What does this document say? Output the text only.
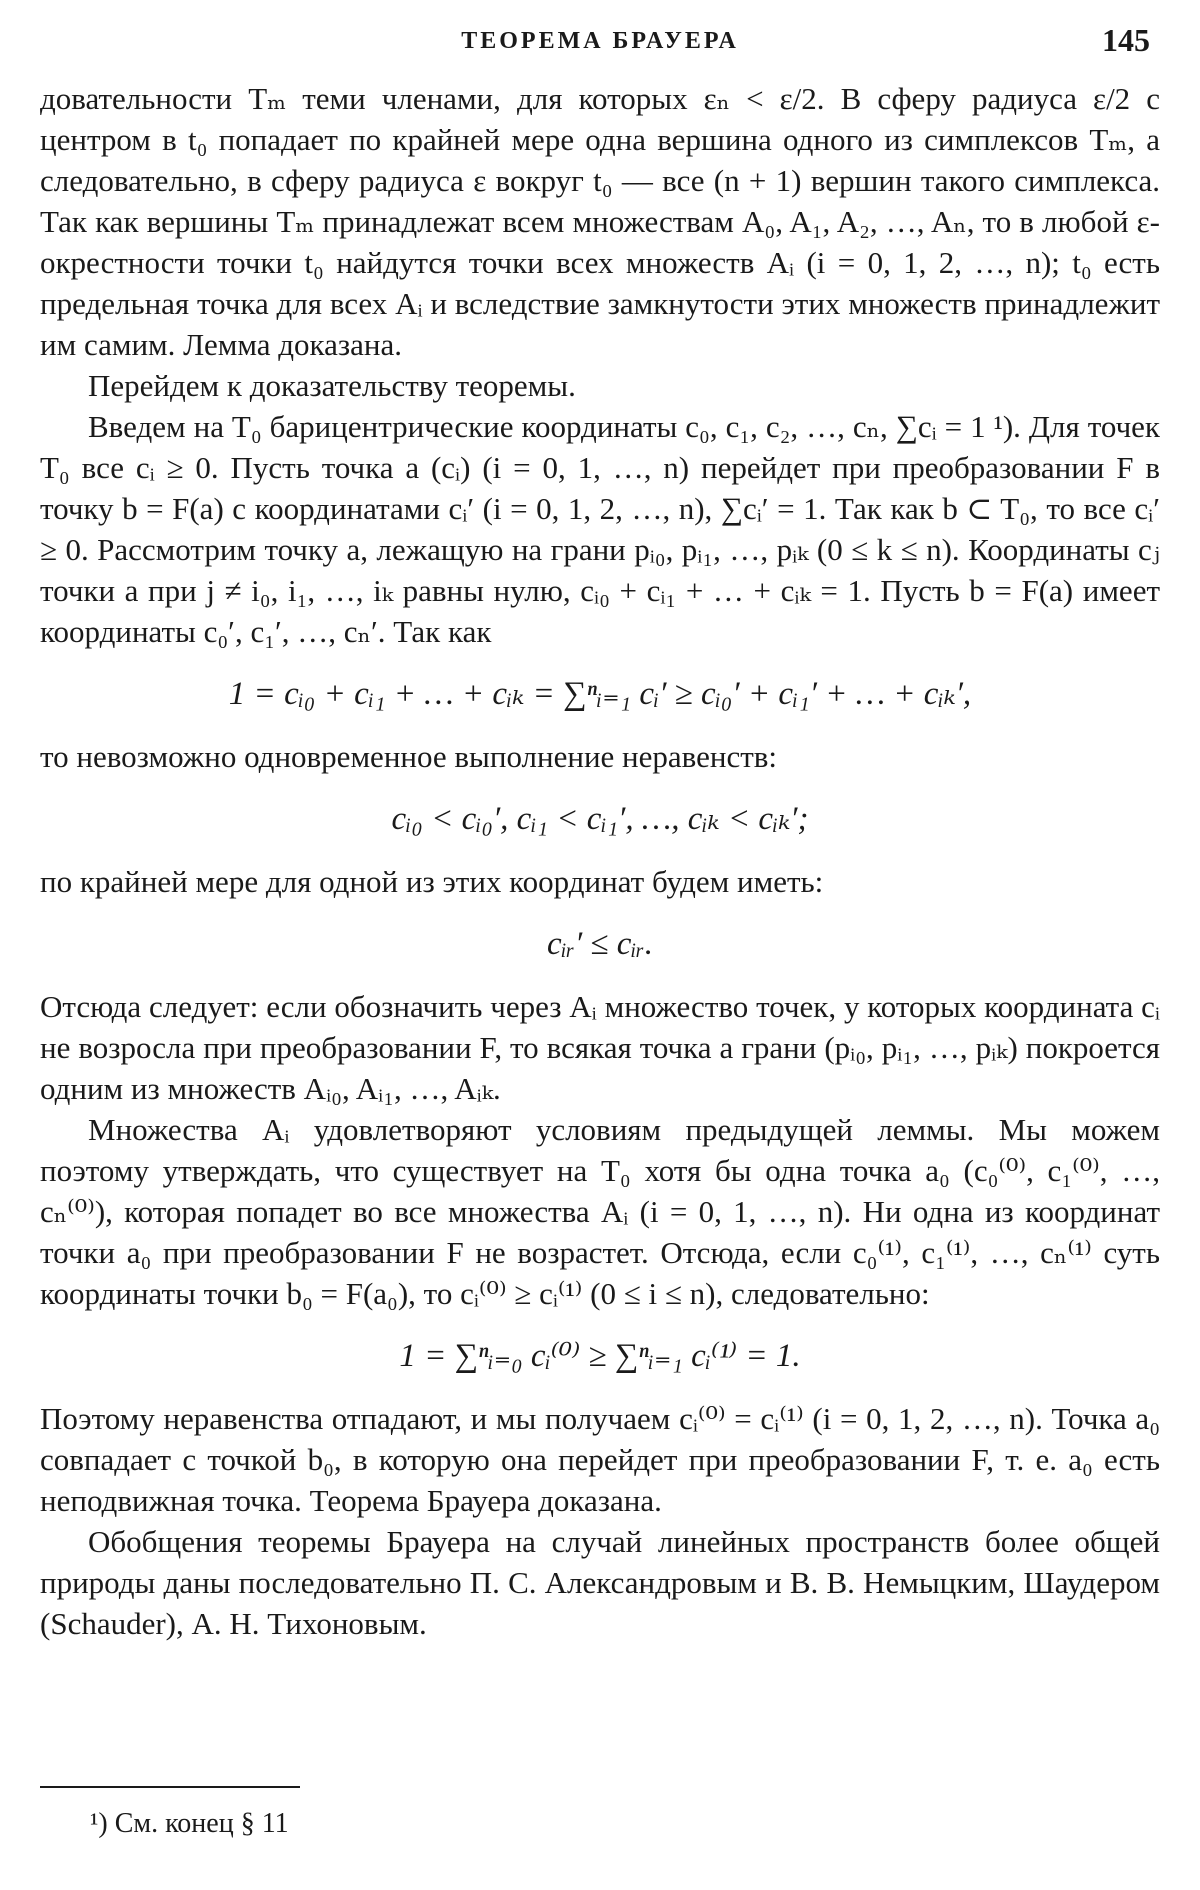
ТЕОРЕМА БРАУЕРА	145

довательности Tₘ теми членами, для которых εₙ < ε/2. В сферу радиуса ε/2 с центром в t₀ попадает по крайней мере одна вершина одного из симплексов Tₘ, а следовательно, в сферу радиуса ε вокруг t₀ — все (n + 1) вершин такого симплекса. Так как вершины Tₘ принадлежат всем множествам A₀, A₁, A₂, …, Aₙ, то в любой ε-окрестности точки t₀ найдутся точки всех множеств Aᵢ (i = 0, 1, 2, …, n); t₀ есть предельная точка для всех Aᵢ и вследствие замкнутости этих множеств принадлежит им самим. Лемма доказана.

Перейдем к доказательству теоремы.

Введем на T₀ барицентрические координаты c₀, c₁, c₂, …, cₙ, ∑cᵢ = 1 ¹). Для точек T₀ все cᵢ ≥ 0. Пусть точка a (cᵢ) (i = 0, 1, …, n) перейдет при преобразовании F в точку b = F(a) с координатами cᵢ′ (i = 0, 1, 2, …, n), ∑cᵢ′ = 1. Так как b ⊂ T₀, то все cᵢ′ ≥ 0. Рассмотрим точку a, лежащую на грани pᵢ₀, pᵢ₁, …, pᵢₖ (0 ≤ k ≤ n). Координаты cⱼ точки a при j ≠ i₀, i₁, …, iₖ равны нулю, cᵢ₀ + cᵢ₁ + … + cᵢₖ = 1. Пусть b = F(a) имеет координаты c₀′, c₁′, …, cₙ′. Так как

1 = cᵢ₀ + cᵢ₁ + … + cᵢₖ = ∑ⁿᵢ₌₁ cᵢ′ ≥ cᵢ₀′ + cᵢ₁′ + … + cᵢₖ′,

то невозможно одновременное выполнение неравенств:

cᵢ₀ < cᵢ₀′, cᵢ₁ < cᵢ₁′, …, cᵢₖ < cᵢₖ′;

по крайней мере для одной из этих координат будем иметь:

cᵢᵣ′ ≤ cᵢᵣ.

Отсюда следует: если обозначить через Aᵢ множество точек, у которых координата cᵢ не возросла при преобразовании F, то всякая точка a грани (pᵢ₀, pᵢ₁, …, pᵢₖ) покроется одним из множеств Aᵢ₀, Aᵢ₁, …, Aᵢₖ.

Множества Aᵢ удовлетворяют условиям предыдущей леммы. Мы можем поэтому утверждать, что существует на T₀ хотя бы одна точка a₀ (c₀⁽⁰⁾, c₁⁽⁰⁾, …, cₙ⁽⁰⁾), которая попадет во все множества Aᵢ (i = 0, 1, …, n). Ни одна из координат точки a₀ при преобразовании F не возрастет. Отсюда, если c₀⁽¹⁾, c₁⁽¹⁾, …, cₙ⁽¹⁾ суть координаты точки b₀ = F(a₀), то cᵢ⁽⁰⁾ ≥ cᵢ⁽¹⁾ (0 ≤ i ≤ n), следовательно:

1 = ∑ⁿᵢ₌₀ cᵢ⁽⁰⁾ ≥ ∑ⁿᵢ₌₁ cᵢ⁽¹⁾ = 1.

Поэтому неравенства отпадают, и мы получаем cᵢ⁽⁰⁾ = cᵢ⁽¹⁾ (i = 0, 1, 2, …, n). Точка a₀ совпадает с точкой b₀, в которую она перейдет при преобразовании F, т. е. a₀ есть неподвижная точка. Теорема Брауера доказана.

Обобщения теоремы Брауера на случай линейных пространств более общей природы даны последовательно П. С. Александровым и В. В. Немыцким, Шаудером (Schauder), А. Н. Тихоновым.

¹) См. конец § 11
